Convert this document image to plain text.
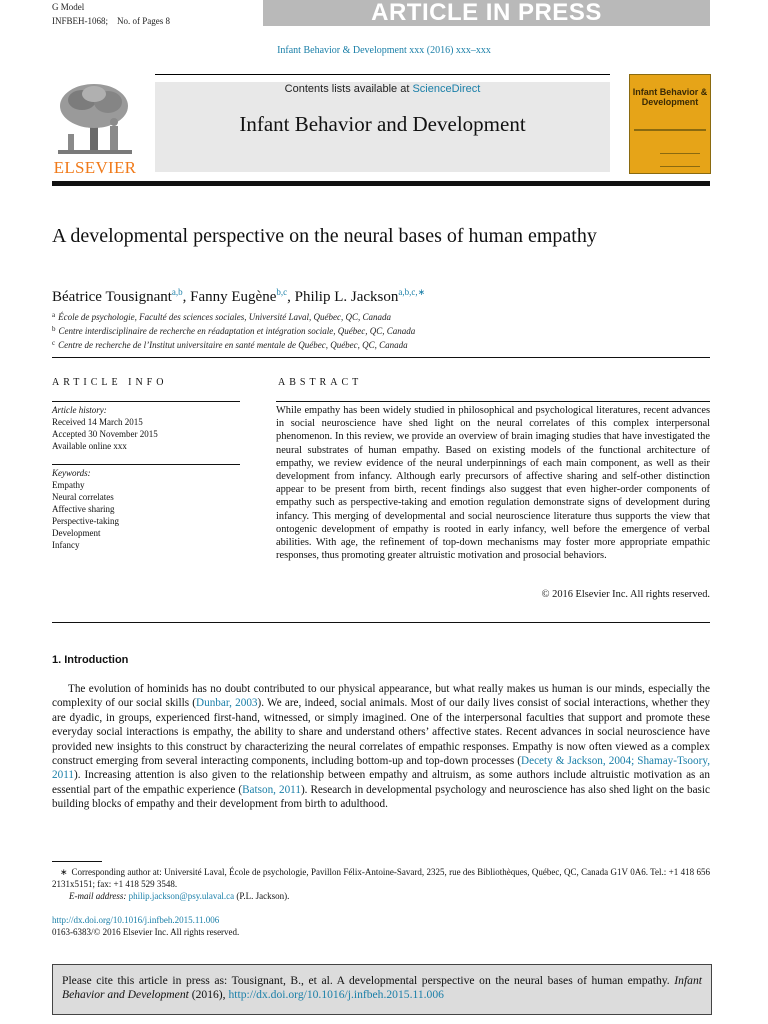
G Model
INFBEH-1068; No. of Pages 8	ARTICLE IN PRESS
Infant Behavior & Development xxx (2016) xxx–xxx
ELSEVIER
Contents lists available at ScienceDirect
Infant Behavior and Development
Infant Behavior & Development
A developmental perspective on the neural bases of human empathy
Béatrice Tousignant$^{a,b}$, Fanny Eugène$^{b,c}$, Philip L. Jackson$^{a,b,c,∗}$
$^a$ École de psychologie, Faculté des sciences sociales, Université Laval, Québec, QC, Canada
$^b$ Centre interdisciplinaire de recherche en réadaptation et intégration sociale, Québec, QC, Canada
$^c$ Centre de recherche de l’Institut universitaire en santé mentale de Québec, Québec, QC, Canada
ARTICLE INFO
Article history:
Received 14 March 2015
Accepted 30 November 2015
Available online xxx
Keywords:
Empathy
Neural correlates
Affective sharing
Perspective-taking
Development
Infancy
ABSTRACT
While empathy has been widely studied in philosophical and psychological literatures, recent advances in social neuroscience have shed light on the neural correlates of this complex interpersonal phenomenon. In this review, we provide an overview of brain imaging studies that have investigated the neural substrates of human empathy. Based on existing models of the functional architecture of empathy, we review evidence of the neural underpinnings of each main component, as well as their development from infancy. Although early precursors of affective sharing and self-other distinction appear to be present from birth, recent findings also suggest that even higher-order components of empathy such as perspective-taking and emotion regulation demonstrate signs of development during infancy. This merging of developmental and social neuroscience literature thus supports the view that ontogenic development of empathy is rooted in early infancy, well before the emergence of verbal abilities. With age, the refinement of top-down mechanisms may foster more appropriate empathic responses, thus promoting greater altruistic motivation and prosocial behaviors.
© 2016 Elsevier Inc. All rights reserved.
1. Introduction
The evolution of hominids has no doubt contributed to our physical appearance, but what really makes us human is our minds, especially the complexity of our social skills (Dunbar, 2003). We are, indeed, social animals. Most of our daily lives consist of social interactions, whether they are dyadic, in groups, experienced first-hand, witnessed, or simply imagined. One of the interpersonal faculties that support and promote these everyday social interactions is empathy, the ability to share and understand others’ affective states. Recent advances in social neuroscience have provided new insights to this construct by characterizing the neural correlates of empathic responses. Empathy is now often viewed as a complex construct emerging from several interacting components, including bottom-up and top-down processes (Decety & Jackson, 2004; Shamay-Tsoory, 2011). Increasing attention is also given to the relationship between empathy and altruism, as some authors include altruistic motivation as an essential part of the empathic experience (Batson, 2011). Research in developmental psychology and neuroscience has also shed light on the basic building blocks of empathy and their development from birth to adulthood.
∗ Corresponding author at: Université Laval, École de psychologie, Pavillon Félix-Antoine-Savard, 2325, rue des Bibliothèques, Québec, QC, Canada G1V 0A6. Tel.: +1 418 656 2131x5151; fax: +1 418 529 3548.
E-mail address: philip.jackson@psy.ulaval.ca (P.L. Jackson).
http://dx.doi.org/10.1016/j.infbeh.2015.11.006
0163-6383/© 2016 Elsevier Inc. All rights reserved.
Please cite this article in press as: Tousignant, B., et al. A developmental perspective on the neural bases of human empathy. Infant Behavior and Development (2016), http://dx.doi.org/10.1016/j.infbeh.2015.11.006
